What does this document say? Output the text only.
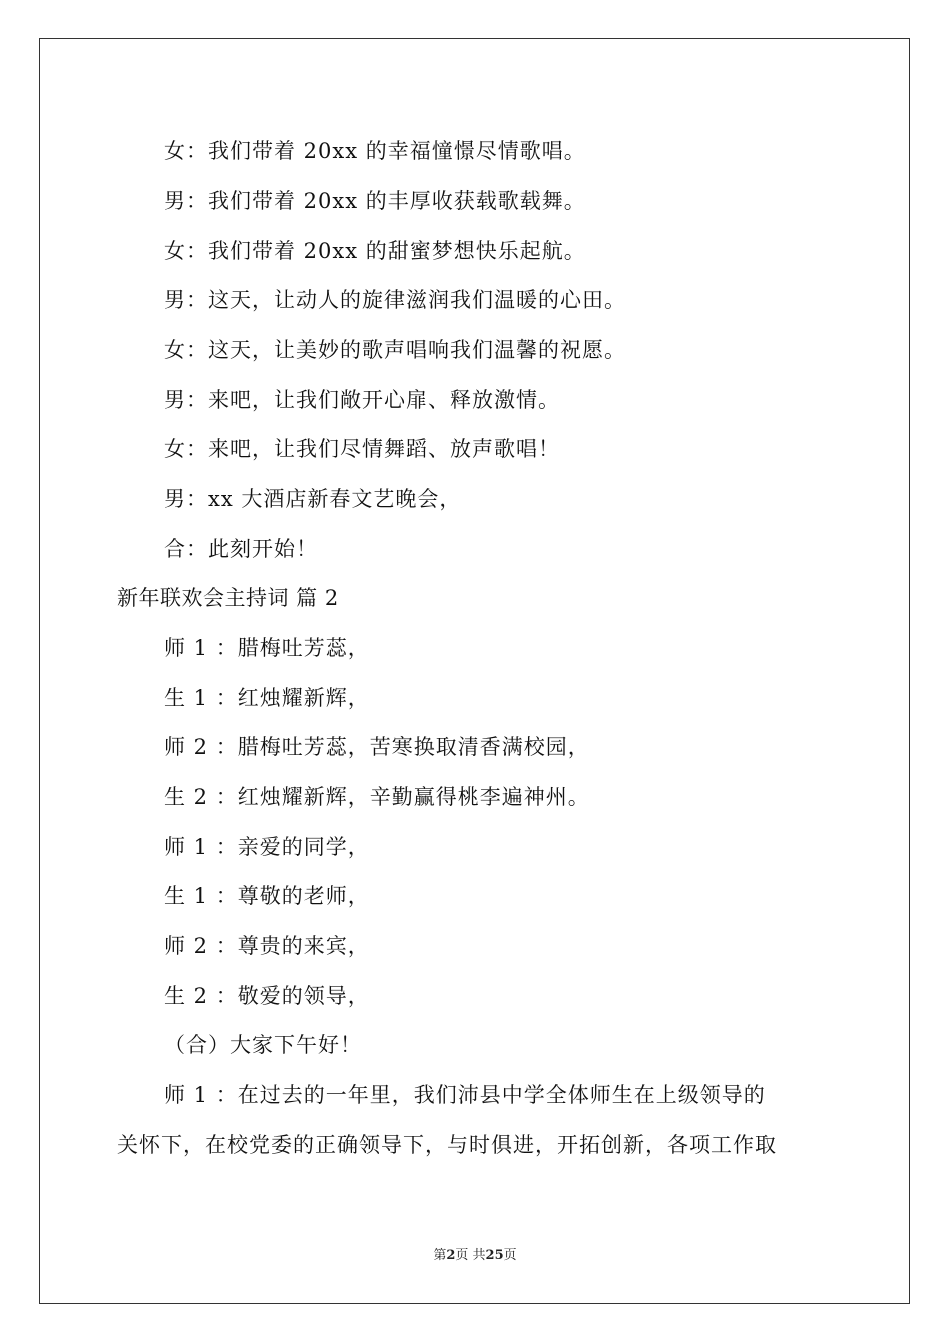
女：我们带着 20xx 的幸福憧憬尽情歌唱。
男：我们带着 20xx 的丰厚收获载歌载舞。
女：我们带着 20xx 的甜蜜梦想快乐起航。
男：这天，让动人的旋律滋润我们温暖的心田。
女：这天，让美妙的歌声唱响我们温馨的祝愿。
男：来吧，让我们敞开心扉、释放激情。
女：来吧，让我们尽情舞蹈、放声歌唱！
男：xx 大酒店新春文艺晚会，
合：此刻开始！
新年联欢会主持词 篇 2
师 1 ：腊梅吐芳蕊，
生 1 ：红烛耀新辉，
师 2 ：腊梅吐芳蕊，苦寒换取清香满校园，
生 2 ：红烛耀新辉，辛勤赢得桃李遍神州。
师 1 ：亲爱的同学，
生 1 ：尊敬的老师，
师 2 ：尊贵的来宾，
生 2 ：敬爱的领导，
（合）大家下午好！
师 1 ：在过去的一年里，我们沛县中学全体师生在上级领导的
关怀下，在校党委的正确领导下，与时俱进，开拓创新，各项工作取
第2页 共25页
